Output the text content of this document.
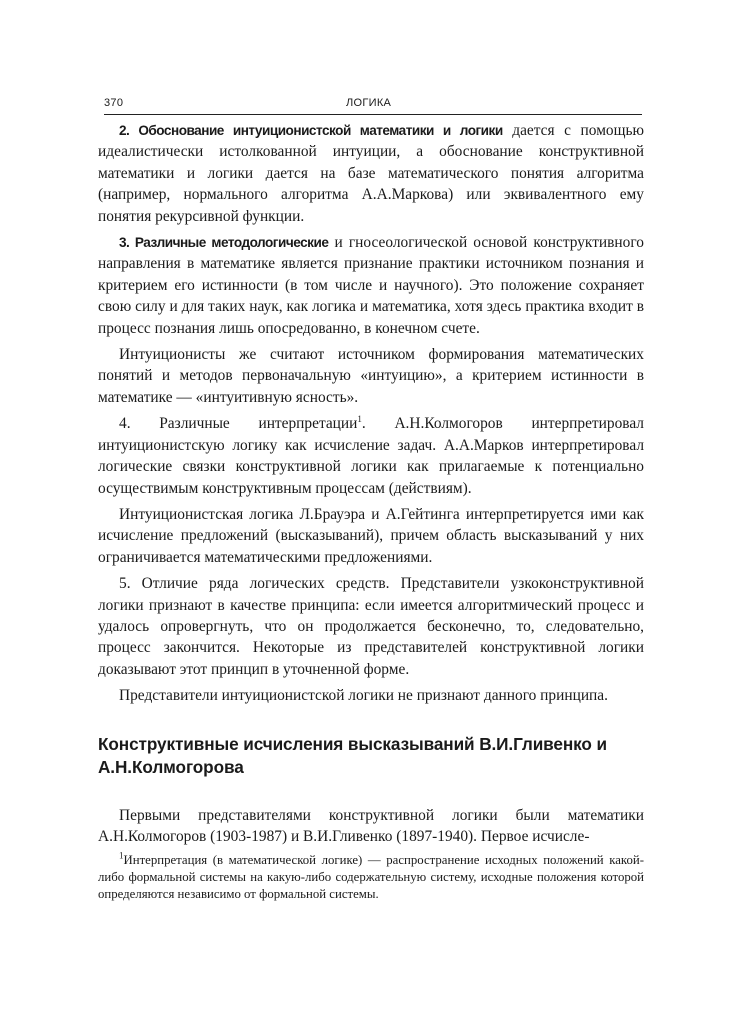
370	ЛОГИКА

2. Обоснование интуиционистской математики и логики дается с помощью идеалистически истолкованной интуиции, а обоснование конструктивной математики и логики дается на базе математического понятия алгоритма (например, нормального алгоритма А.А.Маркова) или эквивалентного ему понятия рекурсивной функции.

3. Различные методологические и гносеологической основой конструктивного направления в математике является признание практики источником познания и критерием его истинности (в том числе и научного). Это положение сохраняет свою силу и для таких наук, как логика и математика, хотя здесь практика входит в процесс познания лишь опосредованно, в конечном счете.

Интуиционисты же считают источником формирования математических понятий и методов первоначальную «интуицию», а критерием истинности в математике — «интуитивную ясность».

4. Различные интерпретации$^1$. А.Н.Колмогоров интерпретировал интуиционистскую логику как исчисление задач. А.А.Марков интерпретировал логические связки конструктивной логики как прилагаемые к потенциально осуществимым конструктивным процессам (действиям).

Интуиционистская логика Л.Брауэра и А.Гейтинга интерпретируется ими как исчисление предложений (высказываний), причем область высказываний у них ограничивается математическими предложениями.

5. Отличие ряда логических средств. Представители узкоконструктивной логики признают в качестве принципа: если имеется алгоритмический процесс и удалось опровергнуть, что он продолжается бесконечно, то, следовательно, процесс закончится. Некоторые из представителей конструктивной логики доказывают этот принцип в уточненной форме.

Представители интуиционистской логики не признают данного принципа.

Конструктивные исчисления высказываний В.И.Гливенко и А.Н.Колмогорова

Первыми представителями конструктивной логики были математики А.Н.Колмогоров (1903-1987) и В.И.Гливенко (1897-1940). Первое исчисле-

$^1$Интерпретация (в математической логике) — распространение исходных положений какой-либо формальной системы на какую-либо содержательную систему, исходные положения которой определяются независимо от формальной системы.
